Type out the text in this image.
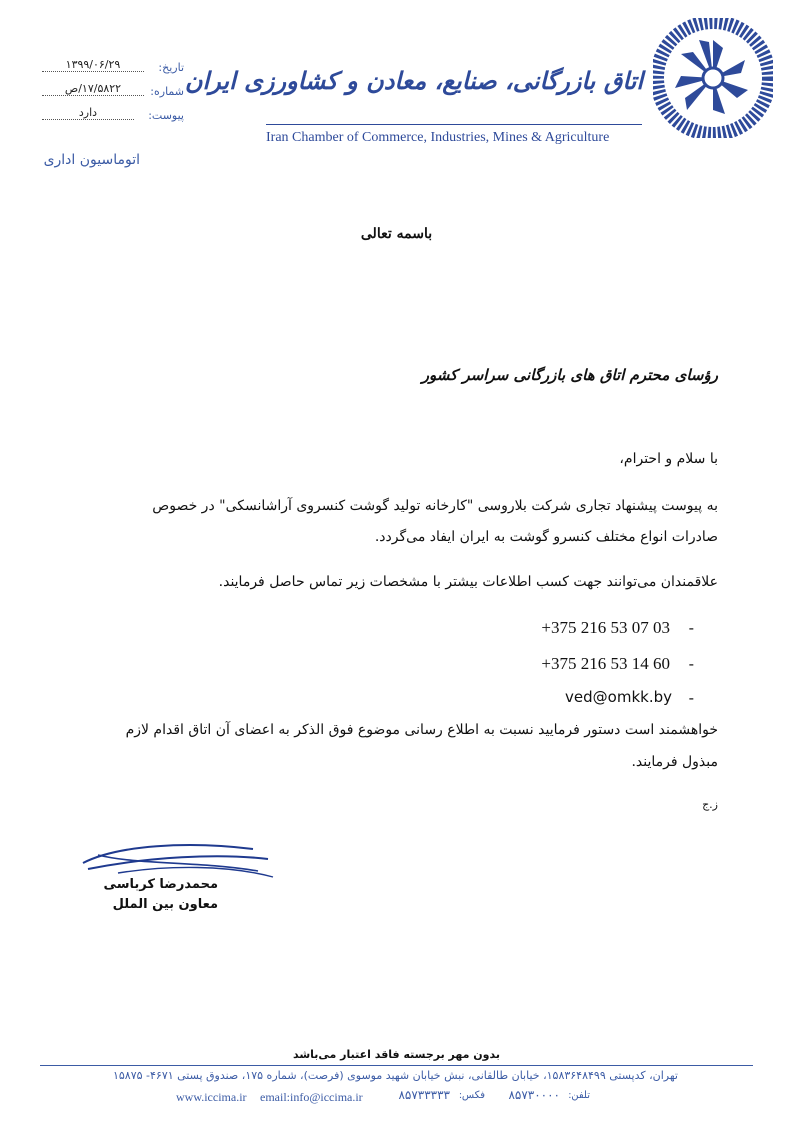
اتاق بازرگانی، صنایع، معادن و کشاورزی ایران
Iran Chamber of Commerce, Industries, Mines & Agriculture
تاریخ:
۱۳۹۹/۰۶/۲۹
شماره:
۱۷/۵۸۲۲/ص
پیوست:
دارد
اتوماسیون اداری
باسمه تعالی
رؤسای محترم اتاق های بازرگانی سراسر کشور
با سلام و احترام،
به پیوست پیشنهاد تجاری شرکت بلاروسی "کارخانه تولید گوشت کنسروی آراشانسکی" در خصوص
صادرات انواع مختلف کنسرو گوشت به ایران ایفاد می‌گردد.
علاقمندان می‌توانند جهت کسب اطلاعات بیشتر با مشخصات زیر تماس حاصل فرمایند.
-
+375 216 53 07 03
-
+375 216 53 14 60
-
ved@omkk.by
خواهشمند است دستور فرمایید نسبت به اطلاع رسانی موضوع فوق الذکر به اعضای آن اتاق اقدام لازم
مبذول فرمایند.
ز.ج
محمدرضا کرباسی
معاون بین الملل
بدون مهر برجسته فاقد اعتبار می‌باشد
تهران، کدپستی ۱۵۸۳۶۴۸۴۹۹، خیابان طالقانی، نبش خیابان شهید موسوی (فرصت)، شماره ۱۷۵، صندوق پستی ۴۶۷۱- ۱۵۸۷۵
تلفن:
۸۵۷۳۰۰۰۰
فکس:
۸۵۷۳۳۳۳۳
email:info@iccima.ir
www.iccima.ir
